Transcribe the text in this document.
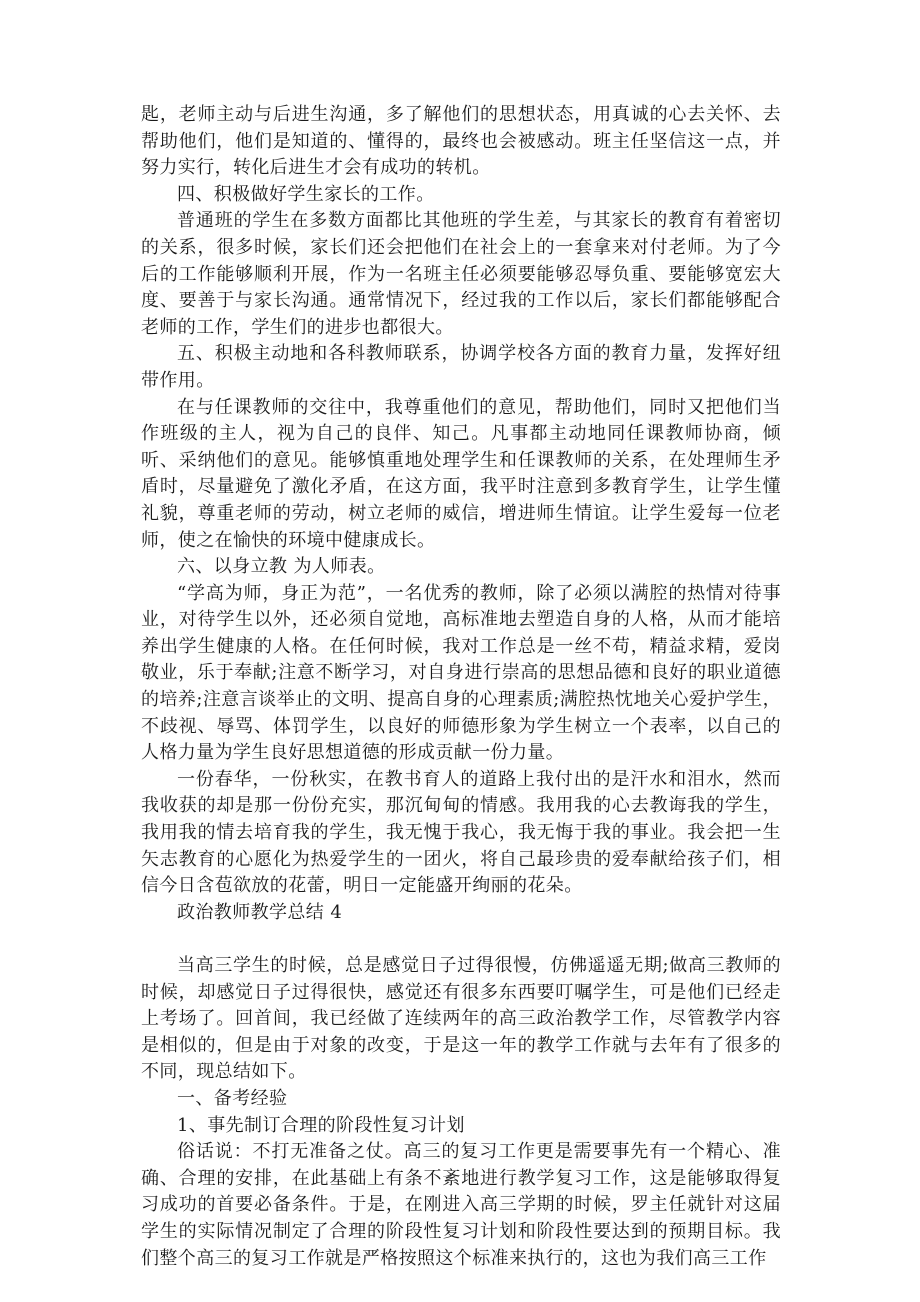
匙，老师主动与后进生沟通，多了解他们的思想状态，用真诚的心去关怀、去帮助他们，他们是知道的、懂得的，最终也会被感动。班主任坚信这一点，并努力实行，转化后进生才会有成功的转机。

四、积极做好学生家长的工作。

普通班的学生在多数方面都比其他班的学生差，与其家长的教育有着密切的关系，很多时候，家长们还会把他们在社会上的一套拿来对付老师。为了今后的工作能够顺利开展，作为一名班主任必须要能够忍辱负重、要能够宽宏大度、要善于与家长沟通。通常情况下，经过我的工作以后，家长们都能够配合老师的工作，学生们的进步也都很大。

五、积极主动地和各科教师联系，协调学校各方面的教育力量，发挥好纽带作用。

在与任课教师的交往中，我尊重他们的意见，帮助他们，同时又把他们当作班级的主人，视为自己的良伴、知己。凡事都主动地同任课教师协商，倾听、采纳他们的意见。能够慎重地处理学生和任课教师的关系，在处理师生矛盾时，尽量避免了激化矛盾，在这方面，我平时注意到多教育学生，让学生懂礼貌，尊重老师的劳动，树立老师的威信，增进师生情谊。让学生爱每一位老师，使之在愉快的环境中健康成长。

六、以身立教 为人师表。

“学高为师，身正为范”，一名优秀的教师，除了必须以满腔的热情对待事业，对待学生以外，还必须自觉地，高标准地去塑造自身的人格，从而才能培养出学生健康的人格。在任何时候，我对工作总是一丝不苟，精益求精，爱岗敬业，乐于奉献;注意不断学习，对自身进行崇高的思想品德和良好的职业道德的培养;注意言谈举止的文明、提高自身的心理素质;满腔热忱地关心爱护学生，不歧视、辱骂、体罚学生，以良好的师德形象为学生树立一个表率，以自己的人格力量为学生良好思想道德的形成贡献一份力量。

一份春华，一份秋实，在教书育人的道路上我付出的是汗水和泪水，然而我收获的却是那一份份充实，那沉甸甸的情感。我用我的心去教诲我的学生，我用我的情去培育我的学生，我无愧于我心，我无悔于我的事业。我会把一生矢志教育的心愿化为热爱学生的一团火，将自己最珍贵的爱奉献给孩子们，相信今日含苞欲放的花蕾，明日一定能盛开绚丽的花朵。

政治教师教学总结 4

当高三学生的时候，总是感觉日子过得很慢，仿佛遥遥无期;做高三教师的时候，却感觉日子过得很快，感觉还有很多东西要叮嘱学生，可是他们已经走上考场了。回首间，我已经做了连续两年的高三政治教学工作，尽管教学内容是相似的，但是由于对象的改变，于是这一年的教学工作就与去年有了很多的不同，现总结如下。

一、备考经验

1、事先制订合理的阶段性复习计划

俗话说：不打无准备之仗。高三的复习工作更是需要事先有一个精心、准确、合理的安排，在此基础上有条不紊地进行教学复习工作，这是能够取得复习成功的首要必备条件。于是，在刚进入高三学期的时候，罗主任就针对这届学生的实际情况制定了合理的阶段性复习计划和阶段性要达到的预期目标。我们整个高三的复习工作就是严格按照这个标准来执行的，这也为我们高三工作
